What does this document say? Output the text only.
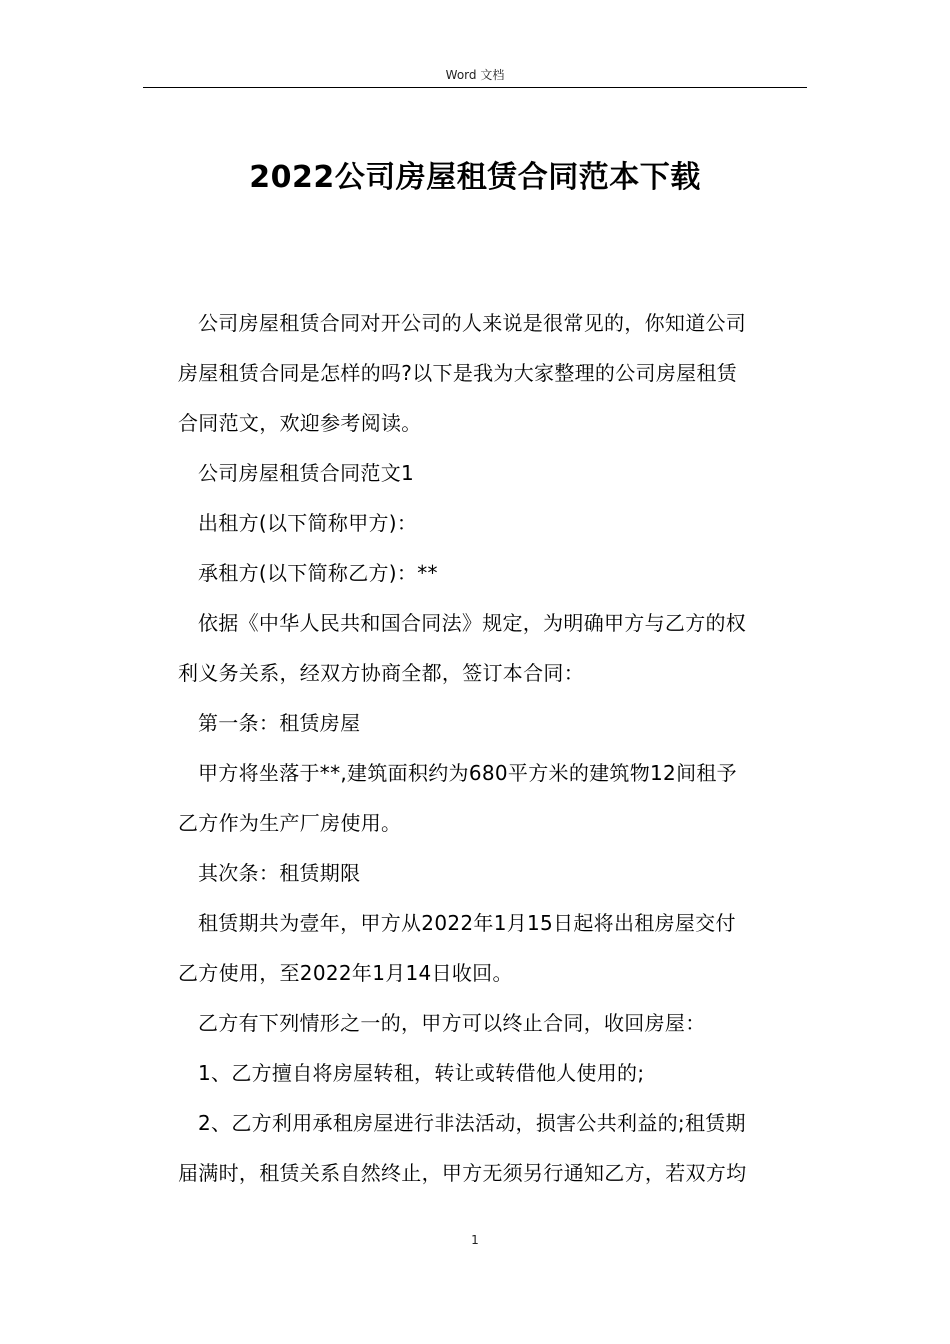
Word 文档
2022公司房屋租赁合同范本下载

公司房屋租赁合同对开公司的人来说是很常见的，你知道公司
房屋租赁合同是怎样的吗?以下是我为大家整理的公司房屋租赁
合同范文，欢迎参考阅读。

公司房屋租赁合同范文1

出租方(以下简称甲方)：

承租方(以下简称乙方)：**

依据《中华人民共和国合同法》规定，为明确甲方与乙方的权
利义务关系，经双方协商全都，签订本合同：

第一条：租赁房屋

甲方将坐落于**,建筑面积约为680平方米的建筑物12间租予
乙方作为生产厂房使用。

其次条：租赁期限

租赁期共为壹年，甲方从2022年1月15日起将出租房屋交付
乙方使用，至2022年1月14日收回。

乙方有下列情形之一的，甲方可以终止合同，收回房屋：

1、乙方擅自将房屋转租，转让或转借他人使用的;

2、乙方利用承租房屋进行非法活动，损害公共利益的;租赁期
届满时，租赁关系自然终止，甲方无须另行通知乙方，若双方均

1
